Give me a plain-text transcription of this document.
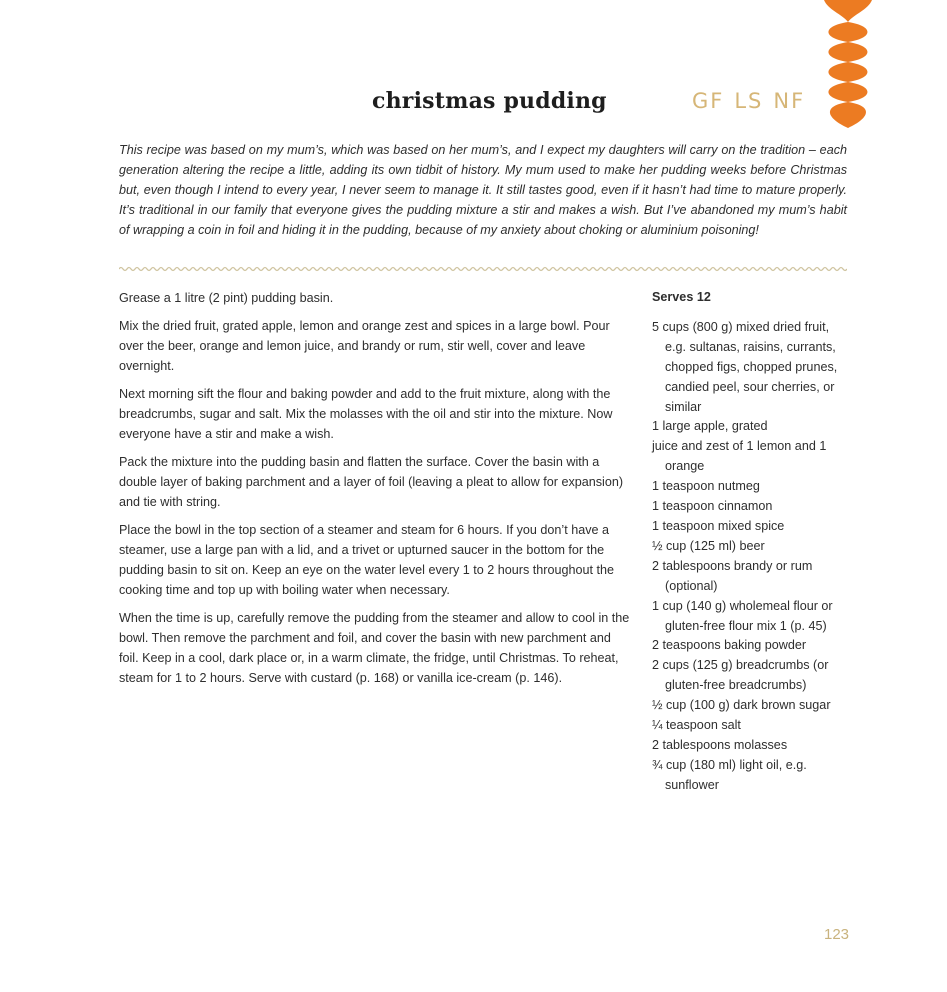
christmas pudding	GF LS NF

This recipe was based on my mum’s, which was based on her mum’s, and I expect my daughters will carry on the tradition – each generation altering the recipe a little, adding its own tidbit of history. My mum used to make her pudding weeks before Christmas but, even though I intend to every year, I never seem to manage it. It still tastes good, even if it hasn’t had time to mature properly. It’s traditional in our family that everyone gives the pudding mixture a stir and makes a wish. But I’ve abandoned my mum’s habit of wrapping a coin in foil and hiding it in the pudding, because of my anxiety about choking or aluminium poisoning!

Grease a 1 litre (2 pint) pudding basin.

Mix the dried fruit, grated apple, lemon and orange zest and spices in a large bowl. Pour over the beer, orange and lemon juice, and brandy or rum, stir well, cover and leave overnight.

Next morning sift the flour and baking powder and add to the fruit mixture, along with the breadcrumbs, sugar and salt. Mix the molasses with the oil and stir into the mixture. Now everyone have a stir and make a wish.

Pack the mixture into the pudding basin and flatten the surface. Cover the basin with a double layer of baking parchment and a layer of foil (leaving a pleat to allow for expansion) and tie with string.

Place the bowl in the top section of a steamer and steam for 6 hours. If you don’t have a steamer, use a large pan with a lid, and a trivet or upturned saucer in the bottom for the pudding basin to sit on. Keep an eye on the water level every 1 to 2 hours throughout the cooking time and top up with boiling water when necessary.

When the time is up, carefully remove the pudding from the steamer and allow to cool in the bowl. Then remove the parchment and foil, and cover the basin with new parchment and foil. Keep in a cool, dark place or, in a warm climate, the fridge, until Christmas. To reheat, steam for 1 to 2 hours. Serve with custard (p. 168) or vanilla ice-cream (p. 146).

Serves 12
5 cups (800 g) mixed dried fruit, e.g. sultanas, raisins, currants, chopped figs, chopped prunes, candied peel, sour cherries, or similar
1 large apple, grated
juice and zest of 1 lemon and 1 orange
1 teaspoon nutmeg
1 teaspoon cinnamon
1 teaspoon mixed spice
½ cup (125 ml) beer
2 tablespoons brandy or rum (optional)
1 cup (140 g) wholemeal flour or gluten-free flour mix 1 (p. 45)
2 teaspoons baking powder
2 cups (125 g) breadcrumbs (or gluten-free breadcrumbs)
½ cup (100 g) dark brown sugar
¼ teaspoon salt
2 tablespoons molasses
¾ cup (180 ml) light oil, e.g. sunflower
123
